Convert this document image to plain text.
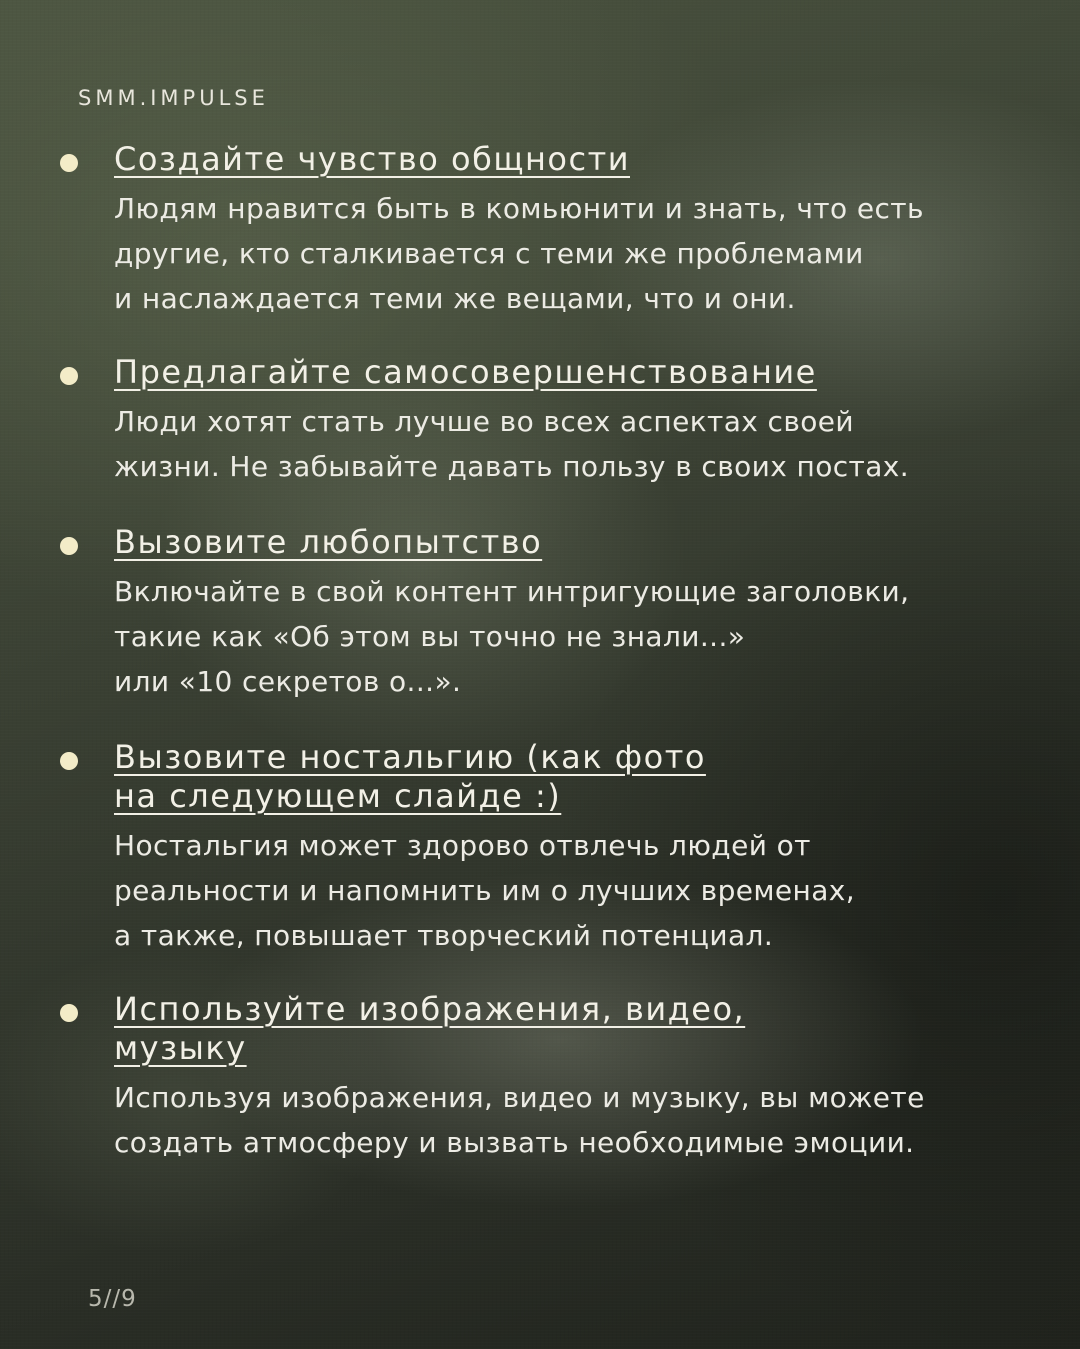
SMM.IMPULSE
Создайте чувство общности
Людям нравится быть в комьюнити и знать, что есть
другие, кто сталкивается с теми же проблемами
и наслаждается теми же вещами, что и они.
Предлагайте самосовершенствование
Люди хотят стать лучше во всех аспектах своей
жизни. Не забывайте давать пользу в своих постах.
Вызовите любопытство
Включайте в свой контент интригующие заголовки,
такие как «Об этом вы точно не знали...»
или «10 секретов о...».
Вызовите ностальгию (как фото
на следующем слайде :)
Ностальгия может здорово отвлечь людей от
реальности и напомнить им о лучших временах,
а также, повышает творческий потенциал.
Используйте изображения, видео,
музыку
Используя изображения, видео и музыку, вы можете
создать атмосферу и вызвать необходимые эмоции.
5//9
